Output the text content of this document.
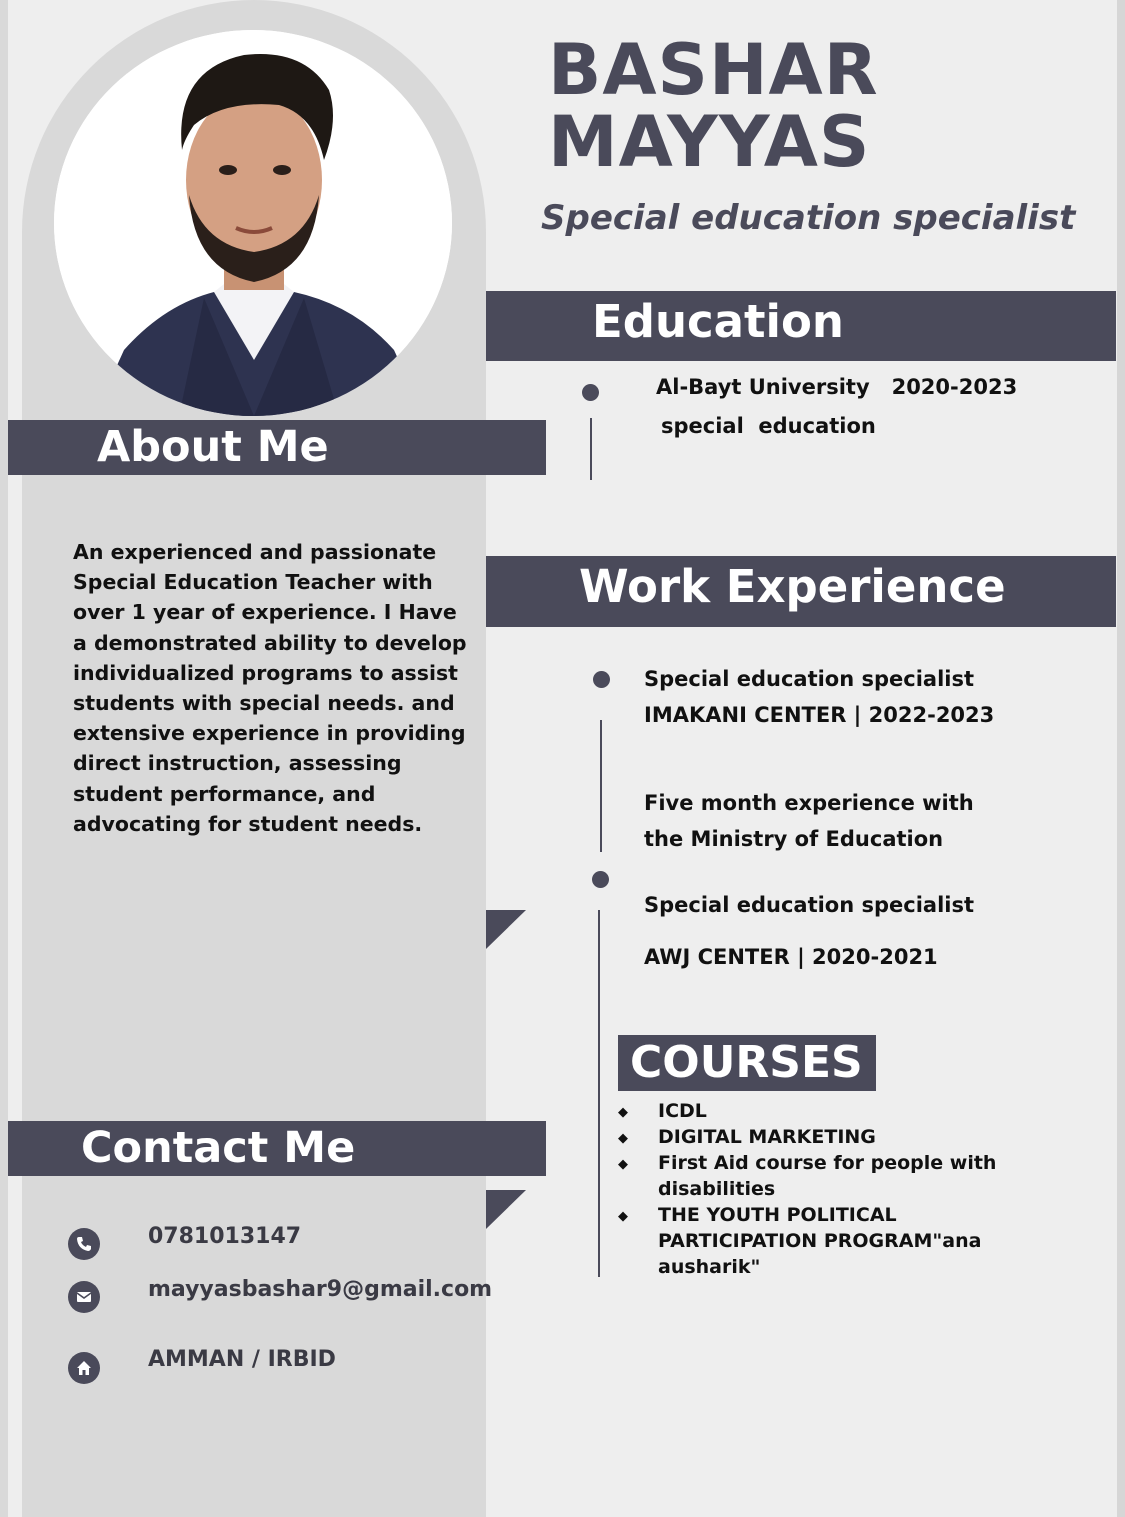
About Me
An experienced and passionate Special Education Teacher with over 1 year of experience. I Have a demonstrated ability to develop individualized programs to assist students with special needs. and extensive experience in providing direct instruction, assessing student performance, and advocating for student needs.
Contact Me
0781013147
mayyasbashar9@gmail.com
AMMAN / IRBID
BASHAR
MAYYAS
Special education specialist
Education
Al-Bayt University   2020-2023
special  education
Work Experience
Special education specialist
IMAKANI CENTER | 2022-2023
Five month experience with
the Ministry of Education
Special education specialist
AWJ CENTER | 2020-2021
COURSES
◆ ICDL
◆ DIGITAL MARKETING
◆ First Aid course for people with disabilities
◆ THE YOUTH POLITICAL PARTICIPATION PROGRAM"ana ausharik"
